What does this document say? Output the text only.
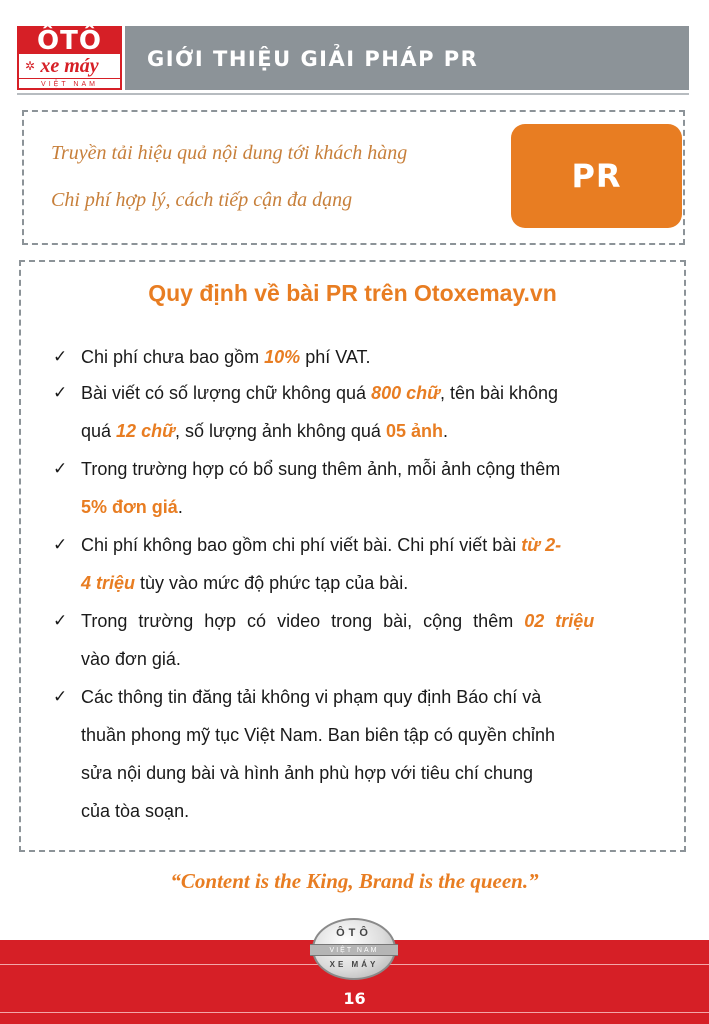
ÔTÔ
✲ xe máy
VIỆT NAM
GIỚI THIỆU GIẢI PHÁP PR
Truyền tải hiệu quả nội dung tới khách hàng
Chi phí hợp lý, cách tiếp cận đa dạng
PR
Quy định về bài PR trên Otoxemay.vn
✓ Chi phí chưa bao gồm 10% phí VAT.
✓ Bài viết có số lượng chữ không quá 800 chữ, tên bài không
quá 12 chữ, số lượng ảnh không quá 05 ảnh.
✓ Trong trường hợp có bổ sung thêm ảnh, mỗi ảnh cộng thêm
5% đơn giá.
✓ Chi phí không bao gồm chi phí viết bài. Chi phí viết bài từ 2-
4 triệu tùy vào mức độ phức tạp của bài.
✓ Trong trường hợp có video trong bài, cộng thêm 02 triệu
vào đơn giá.
✓ Các thông tin đăng tải không vi phạm quy định Báo chí và
thuần phong mỹ tục Việt Nam. Ban biên tập có quyền chỉnh
sửa nội dung bài và hình ảnh phù hợp với tiêu chí chung
của tòa soạn.
“Content is the King, Brand is the queen.”
ÔTÔ
VIỆT NAM
XE MÁY
16
